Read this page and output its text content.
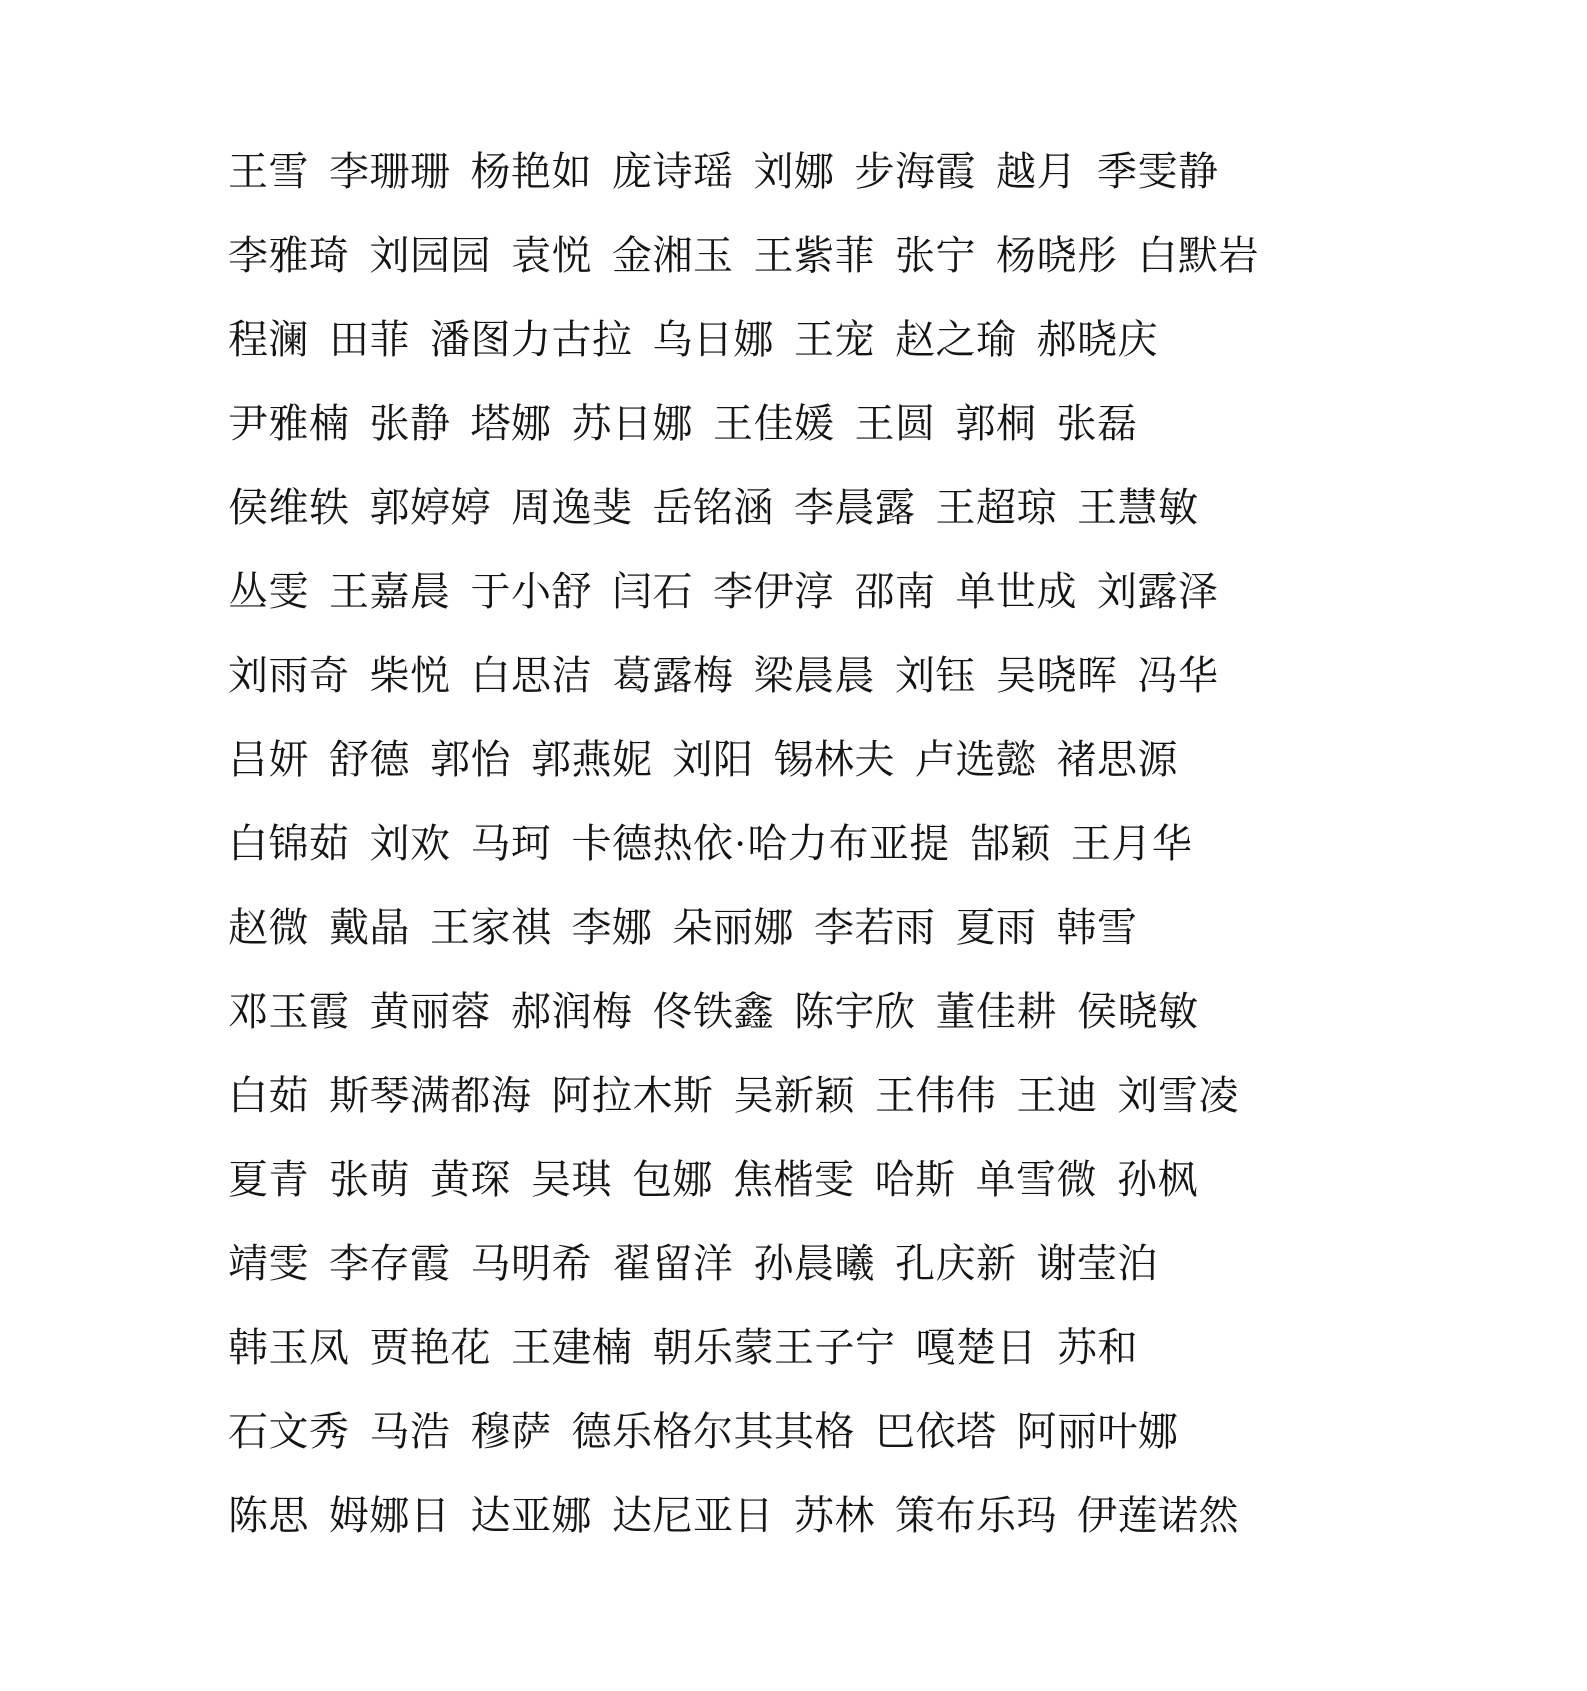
王雪 李珊珊 杨艳如 庞诗瑶 刘娜 步海霞 越月 季雯静
李雅琦 刘园园 袁悦 金湘玉 王紫菲 张宁 杨晓彤 白默岩
程澜 田菲 潘图力古拉 乌日娜 王宠 赵之瑜 郝晓庆
尹雅楠 张静 塔娜 苏日娜 王佳媛 王圆 郭桐 张磊
侯维轶 郭婷婷 周逸斐 岳铭涵 李晨露 王超琼 王慧敏
丛雯 王嘉晨 于小舒 闫石 李伊淳 邵南 单世成 刘露泽
刘雨奇 柴悦 白思洁 葛露梅 梁晨晨 刘钰 吴晓晖 冯华
吕妍 舒德 郭怡 郭燕妮 刘阳 锡林夫 卢选懿 褚思源
白锦茹 刘欢 马珂 卡德热依·哈力布亚提 郜颖 王月华
赵微 戴晶 王家祺 李娜 朵丽娜 李若雨 夏雨 韩雪
邓玉霞 黄丽蓉 郝润梅 佟铁鑫 陈宇欣 董佳耕 侯晓敏
白茹 斯琴满都海 阿拉木斯 吴新颖 王伟伟 王迪 刘雪凌
夏青 张萌 黄琛 吴琪 包娜 焦楷雯 哈斯 单雪微 孙枫
靖雯 李存霞 马明希 翟留洋 孙晨曦 孔庆新 谢莹泊
韩玉凤 贾艳花 王建楠 朝乐蒙王子宁 嘎楚日 苏和
石文秀 马浩 穆萨 德乐格尔其其格 巴依塔 阿丽叶娜
陈思 姆娜日 达亚娜 达尼亚日 苏林 策布乐玛 伊莲诺然
